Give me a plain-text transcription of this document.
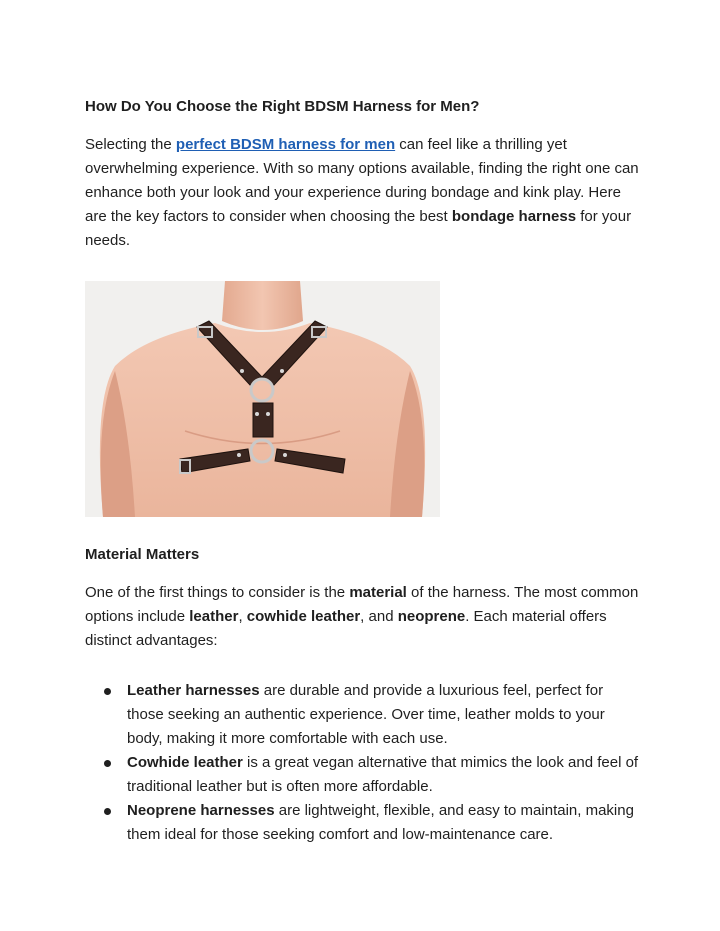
How Do You Choose the Right BDSM Harness for Men?

Selecting the perfect BDSM harness for men can feel like a thrilling yet overwhelming experience. With so many options available, finding the right one can enhance both your look and your experience during bondage and kink play. Here are the key factors to consider when choosing the best bondage harness for your needs.

Material Matters

One of the first things to consider is the material of the harness. The most common options include leather, cowhide leather, and neoprene. Each material offers distinct advantages:

Leather harnesses are durable and provide a luxurious feel, perfect for those seeking an authentic experience. Over time, leather molds to your body, making it more comfortable with each use.
Cowhide leather is a great vegan alternative that mimics the look and feel of traditional leather but is often more affordable.
Neoprene harnesses are lightweight, flexible, and easy to maintain, making them ideal for those seeking comfort and low-maintenance care.
